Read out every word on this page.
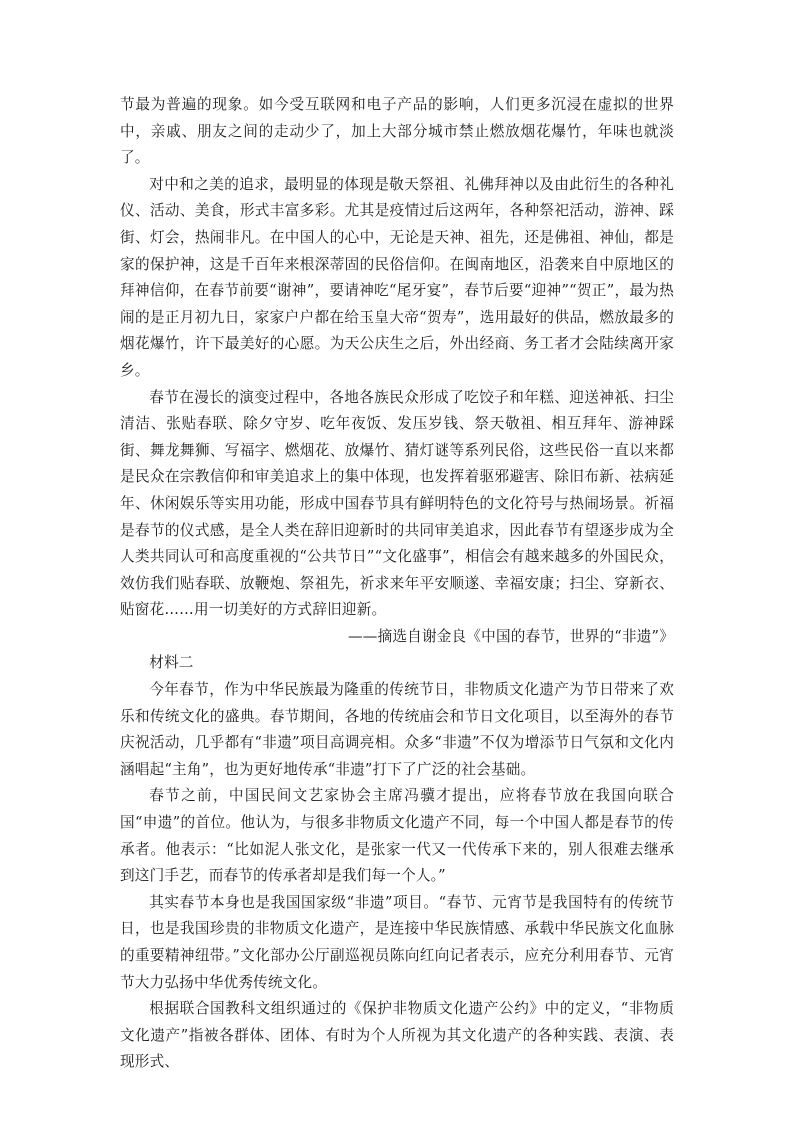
节最为普遍的现象。如今受互联网和电子产品的影响，人们更多沉浸在虚拟的世界中，亲戚、朋友之间的走动少了，加上大部分城市禁止燃放烟花爆竹，年味也就淡了。

对中和之美的追求，最明显的体现是敬天祭祖、礼佛拜神以及由此衍生的各种礼仪、活动、美食，形式丰富多彩。尤其是疫情过后这两年，各种祭祀活动，游神、踩街、灯会，热闹非凡。在中国人的心中，无论是天神、祖先，还是佛祖、神仙，都是家的保护神，这是千百年来根深蒂固的民俗信仰。在闽南地区，沿袭来自中原地区的拜神信仰，在春节前要“谢神”，要请神吃“尾牙宴”，春节后要“迎神”“贺正”，最为热闹的是正月初九日，家家户户都在给玉皇大帝“贺寿”，选用最好的供品，燃放最多的烟花爆竹，许下最美好的心愿。为天公庆生之后，外出经商、务工者才会陆续离开家乡。

春节在漫长的演变过程中，各地各族民众形成了吃饺子和年糕、迎送神祇、扫尘清洁、张贴春联、除夕守岁、吃年夜饭、发压岁钱、祭天敬祖、相互拜年、游神踩街、舞龙舞狮、写福字、燃烟花、放爆竹、猜灯谜等系列民俗，这些民俗一直以来都是民众在宗教信仰和审美追求上的集中体现，也发挥着驱邪避害、除旧布新、祛病延年、休闲娱乐等实用功能，形成中国春节具有鲜明特色的文化符号与热闹场景。祈福是春节的仪式感，是全人类在辞旧迎新时的共同审美追求，因此春节有望逐步成为全人类共同认可和高度重视的“公共节日”“文化盛事”，相信会有越来越多的外国民众，效仿我们贴春联、放鞭炮、祭祖先，祈求来年平安顺遂、幸福安康；扫尘、穿新衣、贴窗花……用一切美好的方式辞旧迎新。

——摘选自谢金良《中国的春节，世界的“非遗”》

材料二

今年春节，作为中华民族最为隆重的传统节日，非物质文化遗产为节日带来了欢乐和传统文化的盛典。春节期间，各地的传统庙会和节日文化项目，以至海外的春节庆祝活动，几乎都有“非遗”项目高调亮相。众多“非遗”不仅为增添节日气氛和文化内涵唱起“主角”，也为更好地传承“非遗”打下了广泛的社会基础。

春节之前，中国民间文艺家协会主席冯骥才提出，应将春节放在我国向联合国“申遗”的首位。他认为，与很多非物质文化遗产不同，每一个中国人都是春节的传承者。他表示：“比如泥人张文化，是张家一代又一代传承下来的，别人很难去继承到这门手艺，而春节的传承者却是我们每一个人。”

其实春节本身也是我国国家级“非遗”项目。“春节、元宵节是我国特有的传统节日，也是我国珍贵的非物质文化遗产，是连接中华民族情感、承载中华民族文化血脉的重要精神纽带。”文化部办公厅副巡视员陈向红向记者表示，应充分利用春节、元宵节大力弘扬中华优秀传统文化。

根据联合国教科文组织通过的《保护非物质文化遗产公约》中的定义，“非物质文化遗产”指被各群体、团体、有时为个人所视为其文化遗产的各种实践、表演、表现形式、
